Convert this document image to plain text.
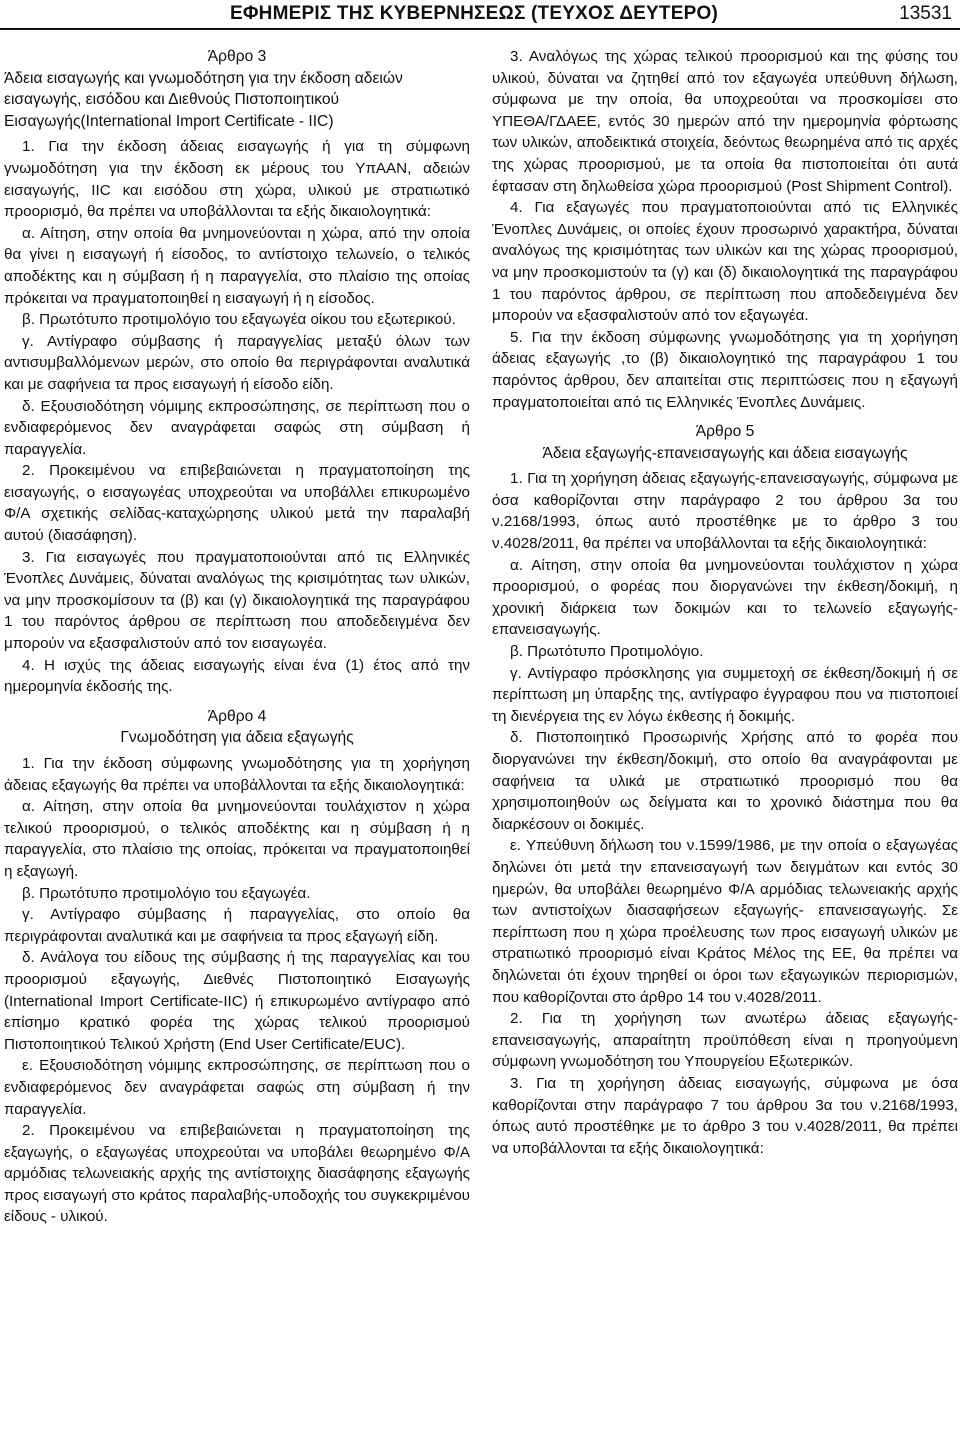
ΕΦΗΜΕΡΙΣ ΤΗΣ ΚΥΒΕΡΝΗΣΕΩΣ (ΤΕΥΧΟΣ ΔΕΥΤΕΡΟ)	13531

Άρθρο 3

Άδεια εισαγωγής και γνωμοδότηση για την έκδοση αδειών εισαγωγής, εισόδου και Διεθνούς Πιστοποιητικού Εισαγωγής(International Import Certificate - IIC)

1. Για την έκδοση άδειας εισαγωγής ή για τη σύμφωνη γνωμοδότηση για την έκδοση εκ μέρους του ΥπΑΑΝ, αδειών εισαγωγής, IIC και εισόδου στη χώρα, υλικού με στρατιωτικό προορισμό, θα πρέπει να υποβάλλονται τα εξής δικαιολογητικά:

α. Αίτηση, στην οποία θα μνημονεύονται η χώρα, από την οποία θα γίνει η εισαγωγή ή είσοδος, το αντίστοιχο τελωνείο, ο τελικός αποδέκτης και η σύμβαση ή η παραγγελία, στο πλαίσιο της οποίας πρόκειται να πραγματοποιηθεί η εισαγωγή ή η είσοδος.

β. Πρωτότυπο προτιμολόγιο του εξαγωγέα οίκου του εξωτερικού.

γ. Αντίγραφο σύμβασης ή παραγγελίας μεταξύ όλων των αντισυμβαλλόμενων μερών, στο οποίο θα περιγράφονται αναλυτικά και με σαφήνεια τα προς εισαγωγή ή είσοδο είδη.

δ. Εξουσιοδότηση νόμιμης εκπροσώπησης, σε περίπτωση που ο ενδιαφερόμενος δεν αναγράφεται σαφώς στη σύμβαση ή παραγγελία.

2. Προκειμένου να επιβεβαιώνεται η πραγματοποίηση της εισαγωγής, ο εισαγωγέας υποχρεούται να υποβάλλει επικυρωμένο Φ/Α σχετικής σελίδας-καταχώρησης υλικού μετά την παραλαβή αυτού (διασάφηση).

3. Για εισαγωγές που πραγματοποιούνται από τις Ελληνικές Ένοπλες Δυνάμεις, δύναται αναλόγως της κρισιμότητας των υλικών, να μην προσκομίσουν τα (β) και (γ) δικαιολογητικά της παραγράφου 1 του παρόντος άρθρου σε περίπτωση που αποδεδειγμένα δεν μπορούν να εξασφαλιστούν από τον εισαγωγέα.

4. Η ισχύς της άδειας εισαγωγής είναι ένα (1) έτος από την ημερομηνία έκδοσής της.

Άρθρο 4

Γνωμοδότηση για άδεια εξαγωγής

1. Για την έκδοση σύμφωνης γνωμοδότησης για τη χορήγηση άδειας εξαγωγής θα πρέπει να υποβάλλονται τα εξής δικαιολογητικά:

α. Αίτηση, στην οποία θα μνημονεύονται τουλάχιστον η χώρα τελικού προορισμού, ο τελικός αποδέκτης και η σύμβαση ή η παραγγελία, στο πλαίσιο της οποίας, πρόκειται να πραγματοποιηθεί η εξαγωγή.

β. Πρωτότυπο προτιμολόγιο του εξαγωγέα.

γ. Αντίγραφο σύμβασης ή παραγγελίας, στο οποίο θα περιγράφονται αναλυτικά και με σαφήνεια τα προς εξαγωγή είδη.

δ. Ανάλογα του είδους της σύμβασης ή της παραγγελίας και του προορισμού εξαγωγής, Διεθνές Πιστοποιητικό Εισαγωγής (International Import Certificate-IIC) ή επικυρωμένο αντίγραφο από επίσημο κρατικό φορέα της χώρας τελικού προορισμού Πιστοποιητικού Τελικού Χρήστη (End User Certificate/EUC).

ε. Εξουσιοδότηση νόμιμης εκπροσώπησης, σε περίπτωση που ο ενδιαφερόμενος δεν αναγράφεται σαφώς στη σύμβαση ή την παραγγελία.

2. Προκειμένου να επιβεβαιώνεται η πραγματοποίηση της εξαγωγής, ο εξαγωγέας υποχρεούται να υποβάλει θεωρημένο Φ/Α αρμόδιας τελωνειακής αρχής της αντίστοιχης διασάφησης εξαγωγής προς εισαγωγή στο κράτος παραλαβής-υποδοχής του συγκεκριμένου είδους - υλικού.

3. Αναλόγως της χώρας τελικού προορισμού και της φύσης του υλικού, δύναται να ζητηθεί από τον εξαγωγέα υπεύθυνη δήλωση, σύμφωνα με την οποία, θα υποχρεούται να προσκομίσει στο ΥΠΕΘΑ/ΓΔΑΕΕ, εντός 30 ημερών από την ημερομηνία φόρτωσης των υλικών, αποδεικτικά στοιχεία, δεόντως θεωρημένα από τις αρχές της χώρας προορισμού, με τα οποία θα πιστοποιείται ότι αυτά έφτασαν στη δηλωθείσα χώρα προορισμού (Post Shipment Control).

4. Για εξαγωγές που πραγματοποιούνται από τις Ελληνικές Ένοπλες Δυνάμεις, οι οποίες έχουν προσωρινό χαρακτήρα, δύναται αναλόγως της κρισιμότητας των υλικών και της χώρας προορισμού, να μην προσκομιστούν τα (γ) και (δ) δικαιολογητικά της παραγράφου 1 του παρόντος άρθρου, σε περίπτωση που αποδεδειγμένα δεν μπορούν να εξασφαλιστούν από τον εξαγωγέα.

5. Για την έκδοση σύμφωνης γνωμοδότησης για τη χορήγηση άδειας εξαγωγής ,το (β) δικαιολογητικό της παραγράφου 1 του παρόντος άρθρου, δεν απαιτείται στις περιπτώσεις που η εξαγωγή πραγματοποιείται από τις Ελληνικές Ένοπλες Δυνάμεις.

Άρθρο 5

Άδεια εξαγωγής-επανεισαγωγής και άδεια εισαγωγής

1. Για τη χορήγηση άδειας εξαγωγής-επανεισαγωγής, σύμφωνα με όσα καθορίζονται στην παράγραφο 2 του άρθρου 3α του ν.2168/1993, όπως αυτό προστέθηκε με το άρθρο 3 του ν.4028/2011, θα πρέπει να υποβάλλονται τα εξής δικαιολογητικά:

α. Αίτηση, στην οποία θα μνημονεύονται τουλάχιστον η χώρα προορισμού, ο φορέας που διοργανώνει την έκθεση/δοκιμή, η χρονική διάρκεια των δοκιμών και το τελωνείο εξαγωγής-επανεισαγωγής.

β. Πρωτότυπο Προτιμολόγιο.

γ. Αντίγραφο πρόσκλησης για συμμετοχή σε έκθεση/δοκιμή ή σε περίπτωση μη ύπαρξης της, αντίγραφο έγγραφου που να πιστοποιεί τη διενέργεια της εν λόγω έκθεσης ή δοκιμής.

δ. Πιστοποιητικό Προσωρινής Χρήσης από το φορέα που διοργανώνει την έκθεση/δοκιμή, στο οποίο θα αναγράφονται με σαφήνεια τα υλικά με στρατιωτικό προορισμό που θα χρησιμοποιηθούν ως δείγματα και το χρονικό διάστημα που θα διαρκέσουν οι δοκιμές.

ε. Υπεύθυνη δήλωση του ν.1599/1986, με την οποία ο εξαγωγέας δηλώνει ότι μετά την επανεισαγωγή των δειγμάτων και εντός 30 ημερών, θα υποβάλει θεωρημένο Φ/Α αρμόδιας τελωνειακής αρχής των αντιστοίχων διασαφήσεων εξαγωγής- επανεισαγωγής. Σε περίπτωση που η χώρα προέλευσης των προς εισαγωγή υλικών με στρατιωτικό προορισμό είναι Κράτος Μέλος της ΕΕ, θα πρέπει να δηλώνεται ότι έχουν τηρηθεί οι όροι των εξαγωγικών περιορισμών, που καθορίζονται στο άρθρο 14 του ν.4028/2011.

2. Για τη χορήγηση των ανωτέρω άδειας εξαγωγής-επανεισαγωγής, απαραίτητη προϋπόθεση είναι η προηγούμενη σύμφωνη γνωμοδότηση του Υπουργείου Εξωτερικών.

3. Για τη χορήγηση άδειας εισαγωγής, σύμφωνα με όσα καθορίζονται στην παράγραφο 7 του άρθρου 3α του ν.2168/1993, όπως αυτό προστέθηκε με το άρθρο 3 του ν.4028/2011, θα πρέπει να υποβάλλονται τα εξής δικαιολογητικά:
